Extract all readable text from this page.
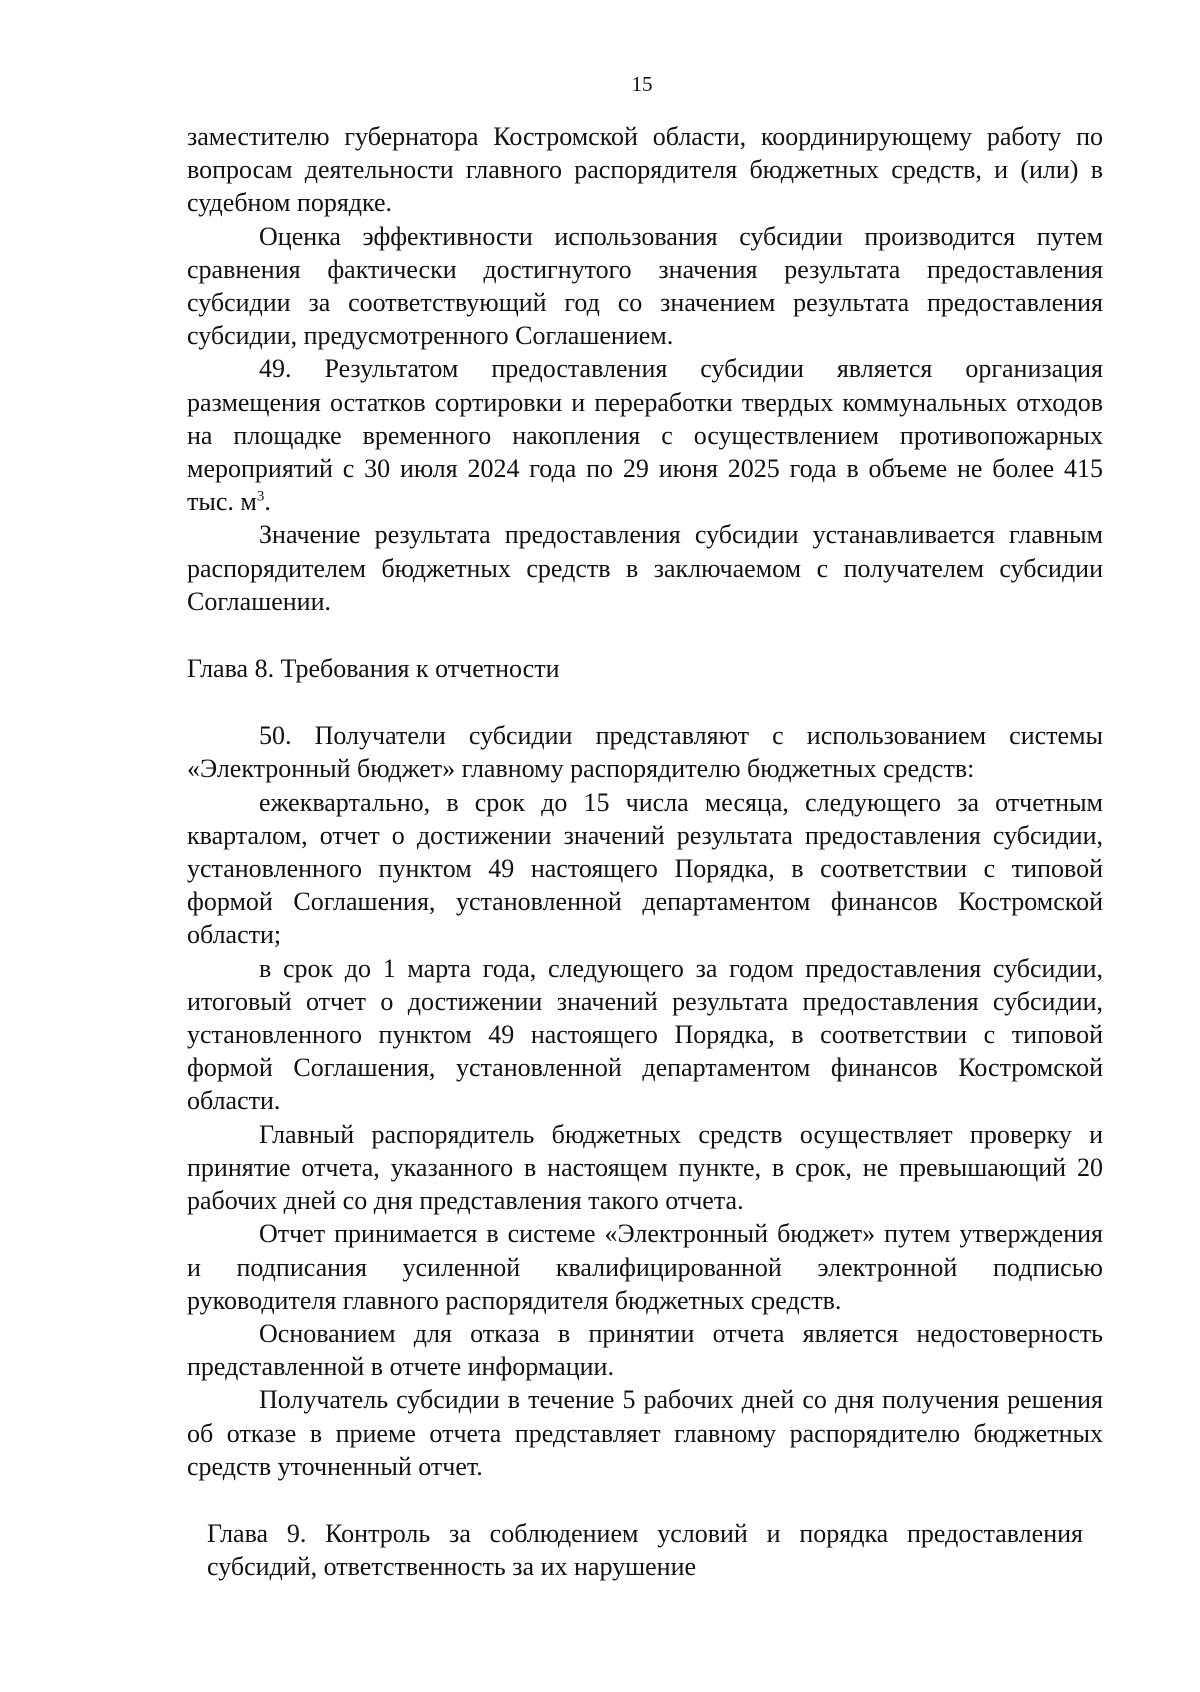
15

заместителю губернатора Костромской области, координирующему работу по вопросам деятельности главного распорядителя бюджетных средств, и (или) в судебном порядке.

Оценка эффективности использования субсидии производится путем сравнения фактически достигнутого значения результата предоставления субсидии за соответствующий год со значением результата предоставления субсидии, предусмотренного Соглашением.

49. Результатом предоставления субсидии является организация размещения остатков сортировки и переработки твердых коммунальных отходов на площадке временного накопления с осуществлением противопожарных мероприятий с 30 июля 2024 года по 29 июня 2025 года в объеме не более 415 тыс. $м^3$.

Значение результата предоставления субсидии устанавливается главным распорядителем бюджетных средств в заключаемом с получателем субсидии Соглашении.

Глава 8. Требования к отчетности

50. Получатели субсидии представляют с использованием системы «Электронный бюджет» главному распорядителю бюджетных средств:

ежеквартально, в срок до 15 числа месяца, следующего за отчетным кварталом, отчет о достижении значений результата предоставления субсидии, установленного пунктом 49 настоящего Порядка, в соответствии с типовой формой Соглашения, установленной департаментом финансов Костромской области;

в срок до 1 марта года, следующего за годом предоставления субсидии, итоговый отчет о достижении значений результата предоставления субсидии, установленного пунктом 49 настоящего Порядка, в соответствии с типовой формой Соглашения, установленной департаментом финансов Костромской области.

Главный распорядитель бюджетных средств осуществляет проверку и принятие отчета, указанного в настоящем пункте, в срок, не превышающий 20 рабочих дней со дня представления такого отчета.

Отчет принимается в системе «Электронный бюджет» путем утверждения и подписания усиленной квалифицированной электронной подписью руководителя главного распорядителя бюджетных средств.

Основанием для отказа в принятии отчета является недостоверность представленной в отчете информации.

Получатель субсидии в течение 5 рабочих дней со дня получения решения об отказе в приеме отчета представляет главному распорядителю бюджетных средств уточненный отчет.

Глава 9. Контроль за соблюдением условий и порядка предоставления субсидий, ответственность за их нарушение
